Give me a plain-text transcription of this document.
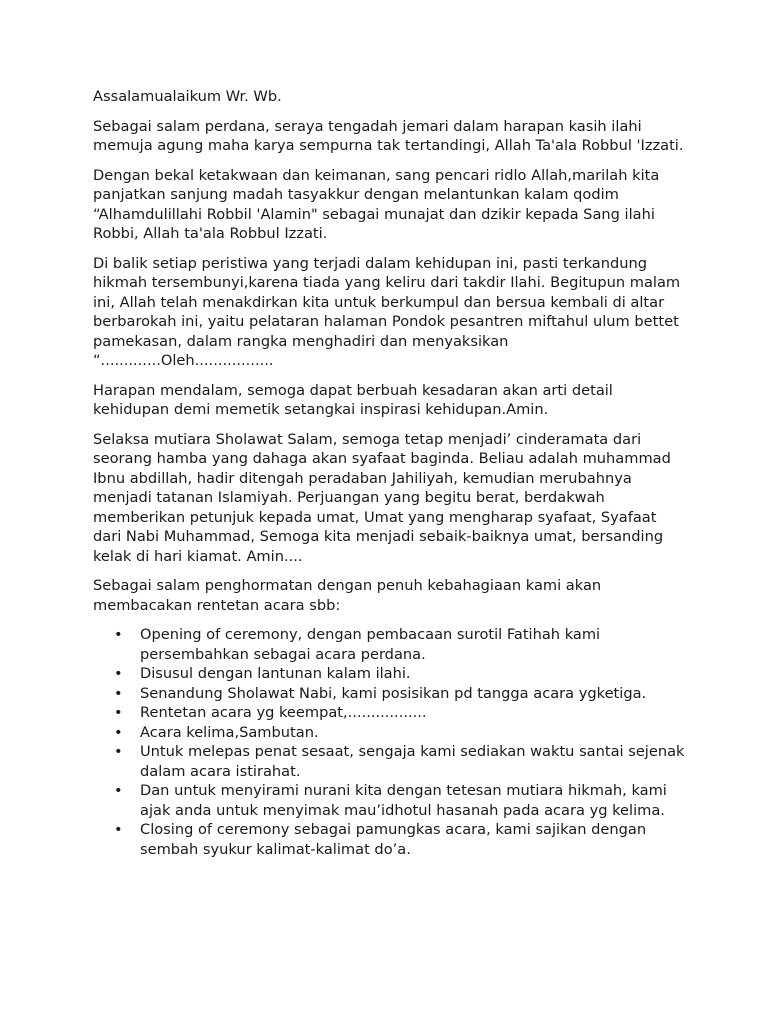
Assalamualaikum Wr. Wb.

Sebagai salam perdana, seraya tengadah jemari dalam harapan kasih ilahi memuja agung maha karya sempurna tak tertandingi, Allah Ta'ala Robbul 'Izzati.

Dengan bekal ketakwaan dan keimanan, sang pencari ridlo Allah,marilah kita panjatkan sanjung madah tasyakkur dengan melantunkan kalam qodim “Alhamdulillahi Robbil 'Alamin" sebagai munajat dan dzikir kepada Sang ilahi Robbi, Allah ta'ala Robbul Izzati.

Di balik setiap peristiwa yang terjadi dalam kehidupan ini, pasti terkandung hikmah tersembunyi,karena tiada yang keliru dari takdir Ilahi. Begitupun malam ini, Allah telah menakdirkan kita untuk berkumpul dan bersua kembali di altar berbarokah ini, yaitu pelataran halaman Pondok pesantren miftahul ulum bettet pamekasan, dalam rangka menghadiri dan menyaksikan “.............Oleh.................

Harapan mendalam, semoga dapat berbuah kesadaran akan arti detail kehidupan demi memetik setangkai inspirasi kehidupan.Amin.

Selaksa mutiara Sholawat Salam, semoga tetap menjadi’ cinderamata dari seorang hamba yang dahaga akan syafaat baginda. Beliau adalah muhammad Ibnu abdillah, hadir ditengah peradaban Jahiliyah, kemudian merubahnya menjadi tatanan Islamiyah. Perjuangan yang begitu berat, berdakwah memberikan petunjuk kepada umat, Umat yang mengharap syafaat, Syafaat dari Nabi Muhammad, Semoga kita menjadi sebaik-baiknya umat, bersanding kelak di hari kiamat. Amin....

Sebagai salam penghormatan dengan penuh kebahagiaan kami akan membacakan rentetan acara sbb:

• Opening of ceremony, dengan pembacaan surotil Fatihah kami persembahkan sebagai acara perdana.
• Disusul dengan lantunan kalam ilahi.
• Senandung Sholawat Nabi, kami posisikan pd tangga acara ygketiga.
• Rentetan acara yg keempat,.................
• Acara kelima,Sambutan.
• Untuk melepas penat sesaat, sengaja kami sediakan waktu santai sejenak dalam acara istirahat.
• Dan untuk menyirami nurani kita dengan tetesan mutiara hikmah, kami ajak anda untuk menyimak mau’idhotul hasanah pada acara yg kelima.
• Closing of ceremony sebagai pamungkas acara, kami sajikan dengan sembah syukur kalimat-kalimat do’a.
